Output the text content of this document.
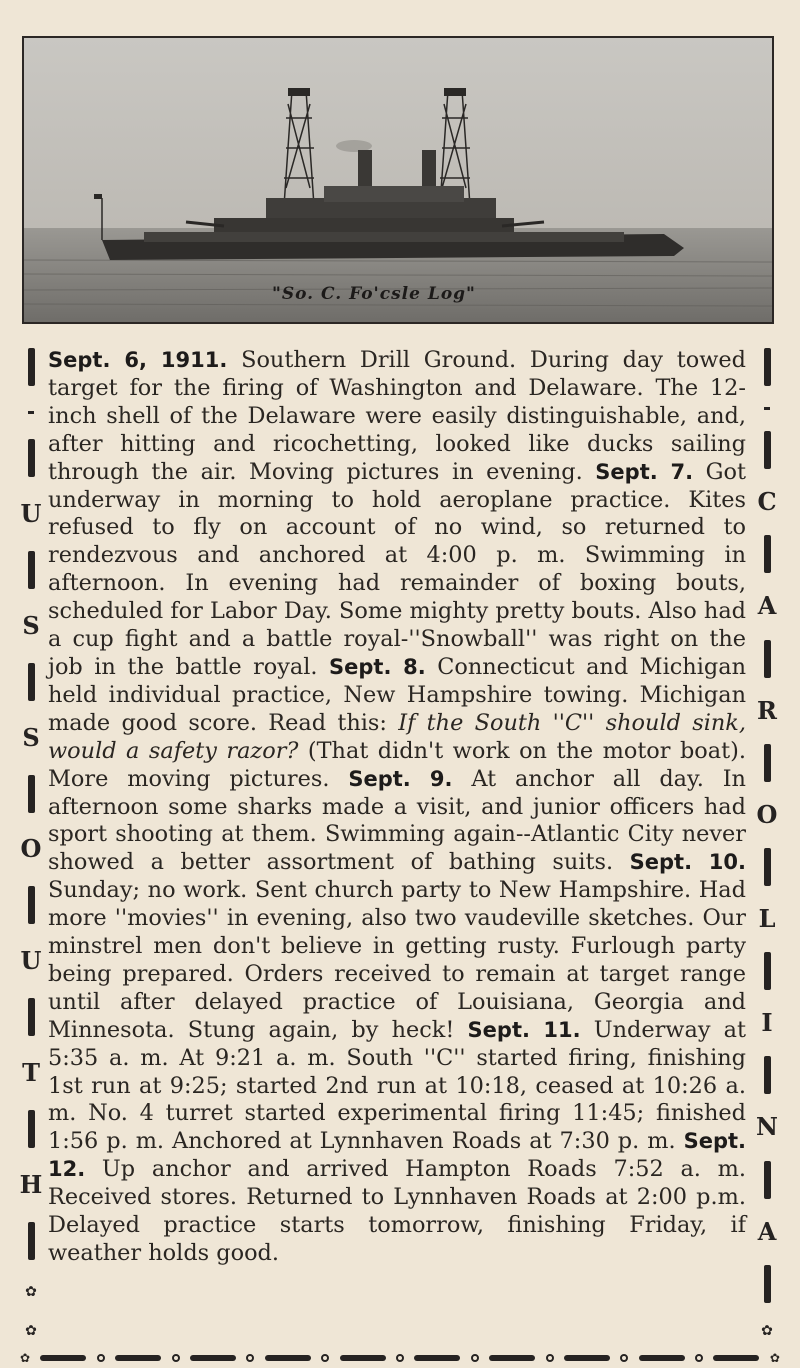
"So. C. Fo'csle Log"
U
S
S
O
U
T
H
✿
✿
C
A
R
O
L
I
N
A
✿
✿	✿
Sept. 6, 1911. Southern Drill Ground. During day towed target for the firing of Washington and Delaware. The 12-inch shell of the Delaware were easily distinguishable, and, after hitting and ricochetting, looked like ducks sailing through the air. Moving pictures in evening. Sept. 7. Got underway in morning to hold aeroplane practice. Kites refused to fly on account of no wind, so returned to rendezvous and anchored at 4:00 p. m. Swimming in afternoon. In evening had remainder of boxing bouts, scheduled for Labor Day. Some mighty pretty bouts. Also had a cup fight and a battle royal-''Snowball'' was right on the job in the battle royal. Sept. 8. Connecticut and Michigan held individual practice, New Hampshire towing. Michigan made good score. Read this: If the South ''C'' should sink, would a safety razor? (That didn't work on the motor boat). More moving pictures. Sept. 9. At anchor all day. In afternoon some sharks made a visit, and junior officers had sport shooting at them. Swimming again--Atlantic City never showed a better assortment of bathing suits. Sept. 10. Sunday; no work. Sent church party to New Hampshire. Had more ''movies'' in evening, also two vaudeville sketches. Our minstrel men don't believe in getting rusty. Furlough party being prepared. Orders received to remain at target range until after delayed practice of Louisiana, Georgia and Minnesota. Stung again, by heck! Sept. 11. Underway at 5:35 a. m. At 9:21 a. m. South ''C'' started firing, finishing 1st run at 9:25; started 2nd run at 10:18, ceased at 10:26 a. m. No. 4 turret started experimental firing 11:45; finished 1:56 p. m. Anchored at Lynnhaven Roads at 7:30 p. m. Sept. 12. Up anchor and arrived Hampton Roads 7:52 a. m. Received stores. Returned to Lynnhaven Roads at 2:00 p.m. Delayed practice starts tomorrow, finishing Friday, if weather holds good.
